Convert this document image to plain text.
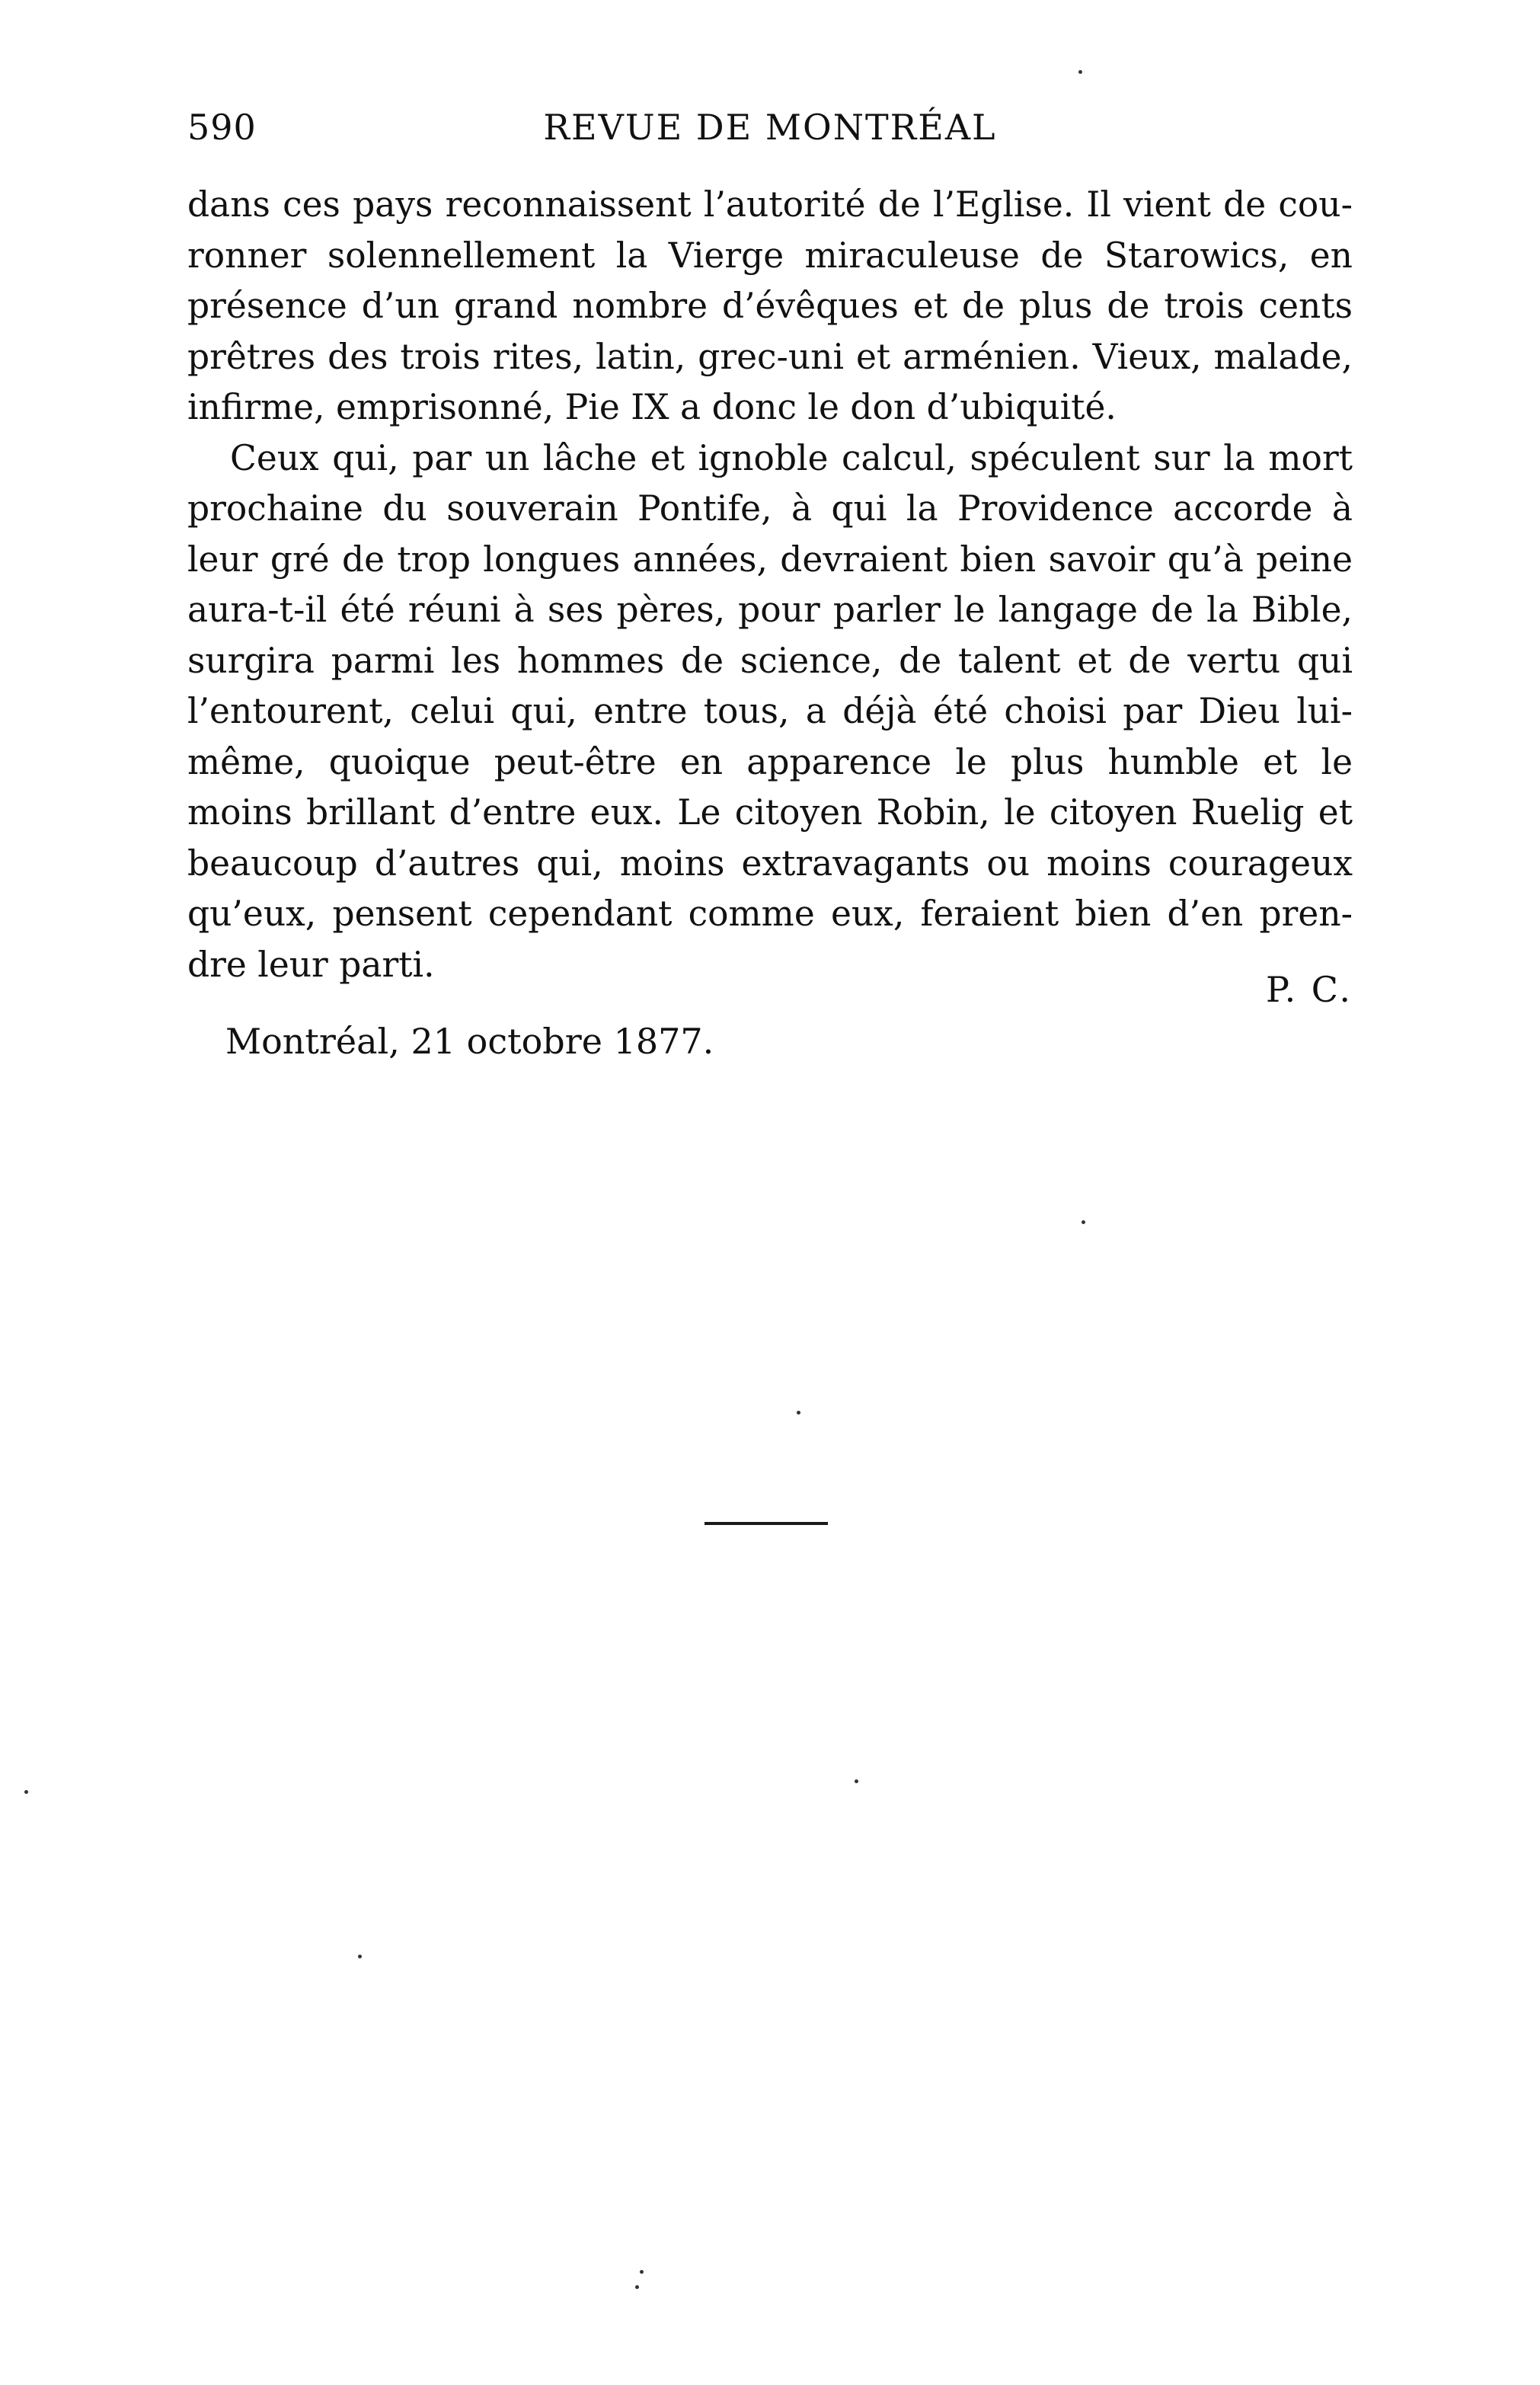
590	REVUE DE MONTRÉAL

dans ces pays reconnaissent l’autorité de l’Eglise. Il vient de couronner solennellement la Vierge miraculeuse de Starowics, en présence d’un grand nombre d’évêques et de plus de trois cents prêtres des trois rites, latin, grec-uni et arménien. Vieux, malade, infirme, emprisonné, Pie IX a donc le don d’ubiquité.

Ceux qui, par un lâche et ignoble calcul, spéculent sur la mort prochaine du souverain Pontife, à qui la Providence accorde à leur gré de trop longues années, devraient bien savoir qu’à peine aura-t-il été réuni à ses pères, pour parler le langage de la Bible, surgira parmi les hommes de science, de talent et de vertu qui l’entourent, celui qui, entre tous, a déjà été choisi par Dieu lui-même, quoique peut-être en apparence le plus humble et le moins brillant d’entre eux. Le citoyen Robin, le citoyen Ruelig et beaucoup d’autres qui, moins extravagants ou moins courageux qu’eux, pensent cependant comme eux, feraient bien d’en prendre leur parti.

P. C.
Montréal, 21 octobre 1877.
